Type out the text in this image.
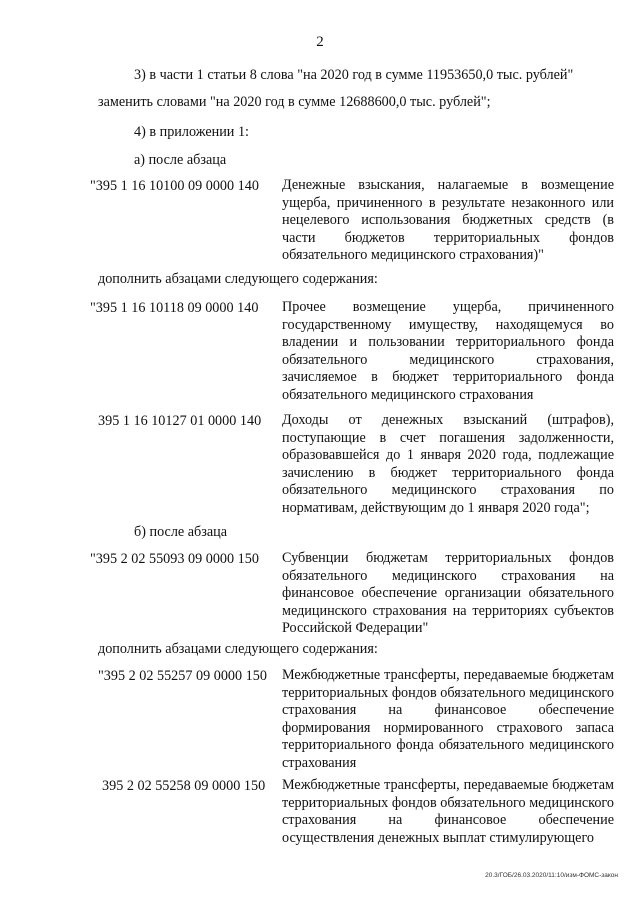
2
3) в части 1 статьи 8 слова "на 2020 год в сумме 11953650,0 тыс. рублей"
заменить словами "на 2020 год в сумме 12688600,0 тыс. рублей";
4) в приложении 1:
а) после абзаца
"395 1 16 10100 09 0000 140 Денежные взыскания, налагаемые в возмещение ущерба, причиненного в результате незаконного или нецелевого использования бюджетных средств (в части бюджетов территориальных фондов обязательного медицинского страхования)"
дополнить абзацами следующего содержания:
"395 1 16 10118 09 0000 140 Прочее возмещение ущерба, причиненного государственному имуществу, находящемуся во владении и пользовании территориального фонда обязательного медицинского страхования, зачисляемое в бюджет территориального фонда обязательного медицинского страхования
395 1 16 10127 01 0000 140 Доходы от денежных взысканий (штрафов), поступающие в счет погашения задолженности, образовавшейся до 1 января 2020 года, подлежащие зачислению в бюджет территориального фонда обязательного медицинского страхования по нормативам, действующим до 1 января 2020 года";
б) после абзаца
"395 2 02 55093 09 0000 150 Субвенции бюджетам территориальных фондов обязательного медицинского страхования на финансовое обеспечение организации обязательного медицинского страхования на территориях субъектов Российской Федерации"
дополнить абзацами следующего содержания:
"395 2 02 55257 09 0000 150 Межбюджетные трансферты, передаваемые бюджетам территориальных фондов обязательного медицинского страхования на финансовое обеспечение формирования нормированного страхового запаса территориального фонда обязательного медицинского страхования
395 2 02 55258 09 0000 150 Межбюджетные трансферты, передаваемые бюджетам территориальных фондов обязательного медицинского страхования на финансовое обеспечение осуществления денежных выплат стимулирующего
20.3/ГОБ/26.03.2020/11:10/изм-ФОМС-закон
